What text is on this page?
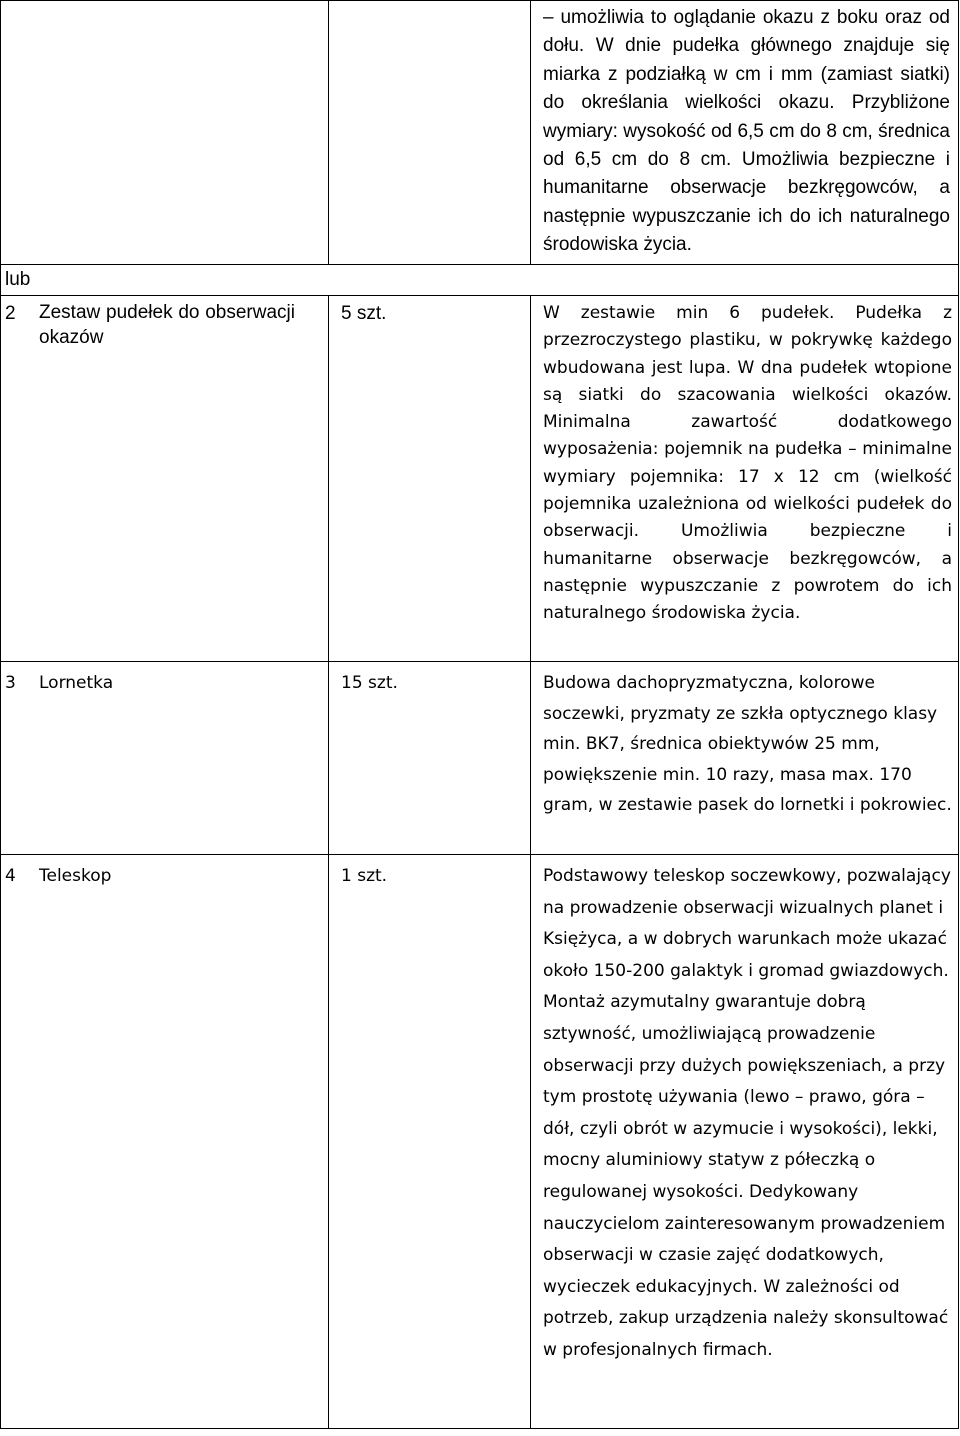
		– umożliwia to oglądanie okazu z boku oraz od dołu. W dnie pudełka głównego znajduje się miarka z podziałką w cm i mm (zamiast siatki) do określania wielkości okazu. Przybliżone wymiary: wysokość od 6,5 cm do 8 cm, średnica od 6,5 cm do 8 cm. Umożliwia bezpieczne i humanitarne obserwacje bezkręgowców, a następnie wypuszczanie ich do ich naturalnego środowiska życia.

lub		

2 Zestaw pudełek do obserwacji okazów	5 szt.	W zestawie min 6 pudełek. Pudełka z przezroczystego plastiku, w pokrywkę każdego wbudowana jest lupa. W dna pudełek wtopione są siatki do szacowania wielkości okazów. Minimalna zawartość dodatkowego wyposażenia: pojemnik na pudełka – minimalne wymiary pojemnika: 17 x 12 cm (wielkość pojemnika uzależniona od wielkości pudełek do obserwacji. Umożliwia bezpieczne i humanitarne obserwacje bezkręgowców, a następnie wypuszczanie z powrotem do ich naturalnego środowiska życia.

3 Lornetka	15 szt.	Budowa dachopryzmatyczna, kolorowe soczewki, pryzmaty ze szkła optycznego klasy min. BK7, średnica obiektywów 25 mm, powiększenie min. 10 razy, masa max. 170 gram, w zestawie pasek do lornetki i pokrowiec.

4 Teleskop	1 szt.	Podstawowy teleskop soczewkowy, pozwalający na prowadzenie obserwacji wizualnych planet i Księżyca, a w dobrych warunkach może ukazać około 150-200 galaktyk i gromad gwiazdowych. Montaż azymutalny gwarantuje dobrą sztywność, umożliwiającą prowadzenie obserwacji przy dużych powiększeniach, a przy tym prostotę używania (lewo – prawo, góra – dół, czyli obrót w azymucie i wysokości), lekki, mocny aluminiowy statyw z półeczką o regulowanej wysokości. Dedykowany nauczycielom zainteresowanym prowadzeniem obserwacji w czasie zajęć dodatkowych, wycieczek edukacyjnych. W zależności od potrzeb, zakup urządzenia należy skonsultować w profesjonalnych firmach.
